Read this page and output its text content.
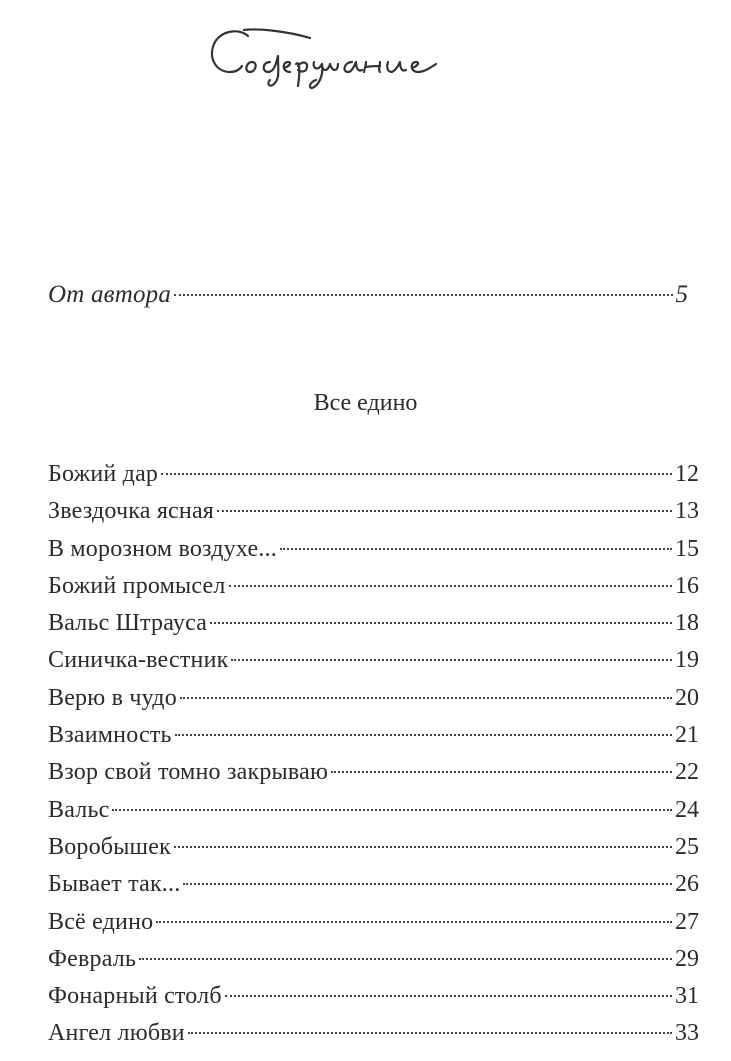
От автора	5
Все едино
Божий дар	12
Звездочка ясная	13
В морозном воздухе...	15
Божий промысел	16
Вальс Штрауса	18
Синичка-вестник	19
Верю в чудо	20
Взаимность	21
Взор свой томно закрываю	22
Вальс	24
Воробышек	25
Бывает так...	26
Всё едино	27
Февраль	29
Фонарный столб	31
Ангел любви	33
